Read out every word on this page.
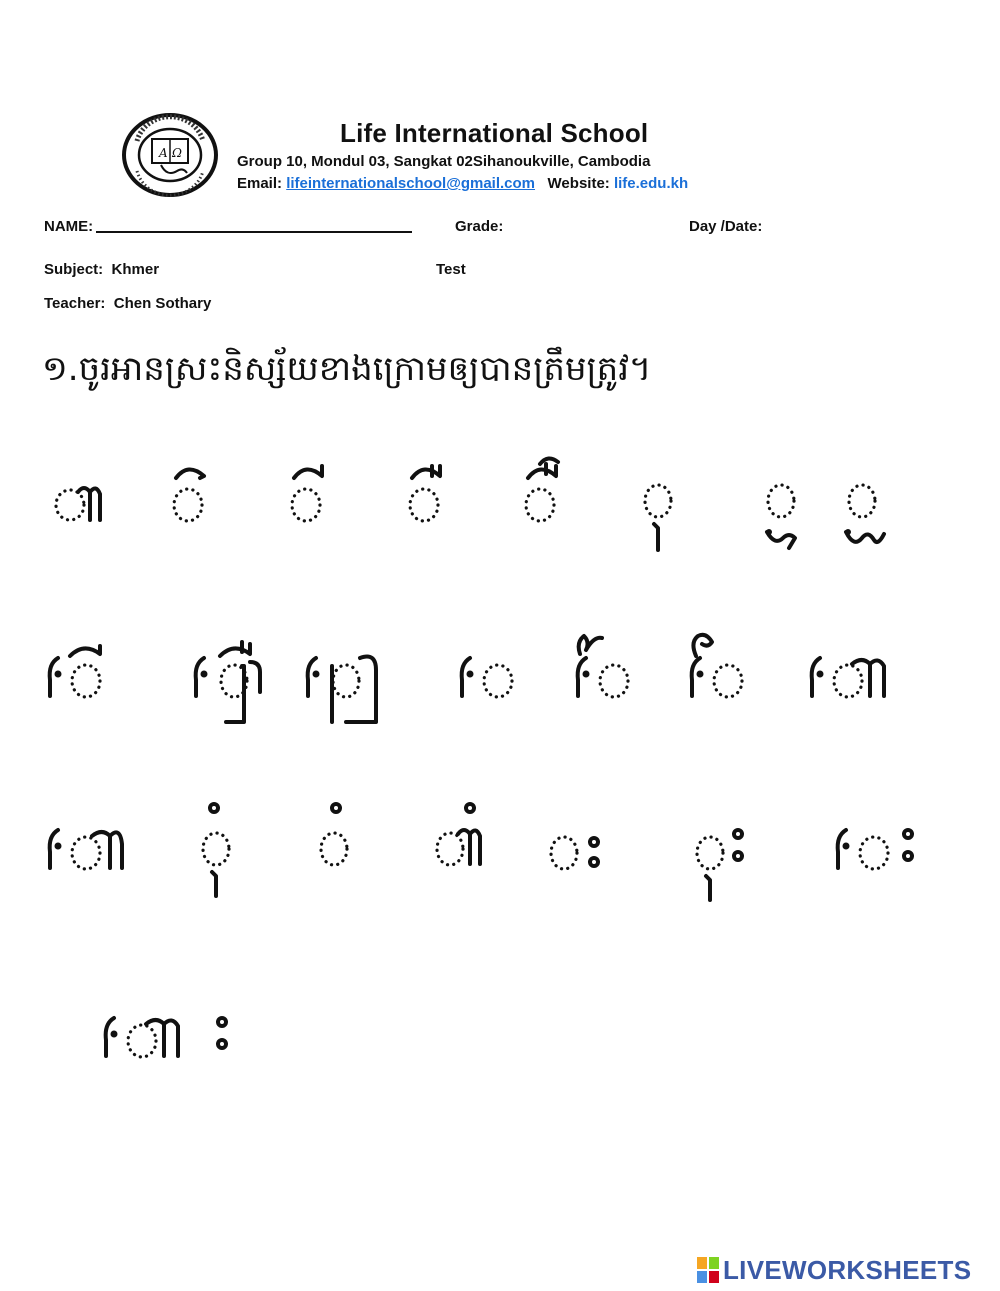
A Ω
Life International School
Group 10, Mondul 03, Sangkat 02Sihanoukville, Cambodia
Email: lifeinternationalschool@gmail.com Website: life.edu.kh
NAME:	Grade:	Day /Date:
Subject: Khmer	Test
Teacher: Chen Sothary
១.ចូរអានស្រះនិស្ស័យខាងក្រោមឲ្យបានត្រឹមត្រូវ។
LIVEWORKSHEETS
